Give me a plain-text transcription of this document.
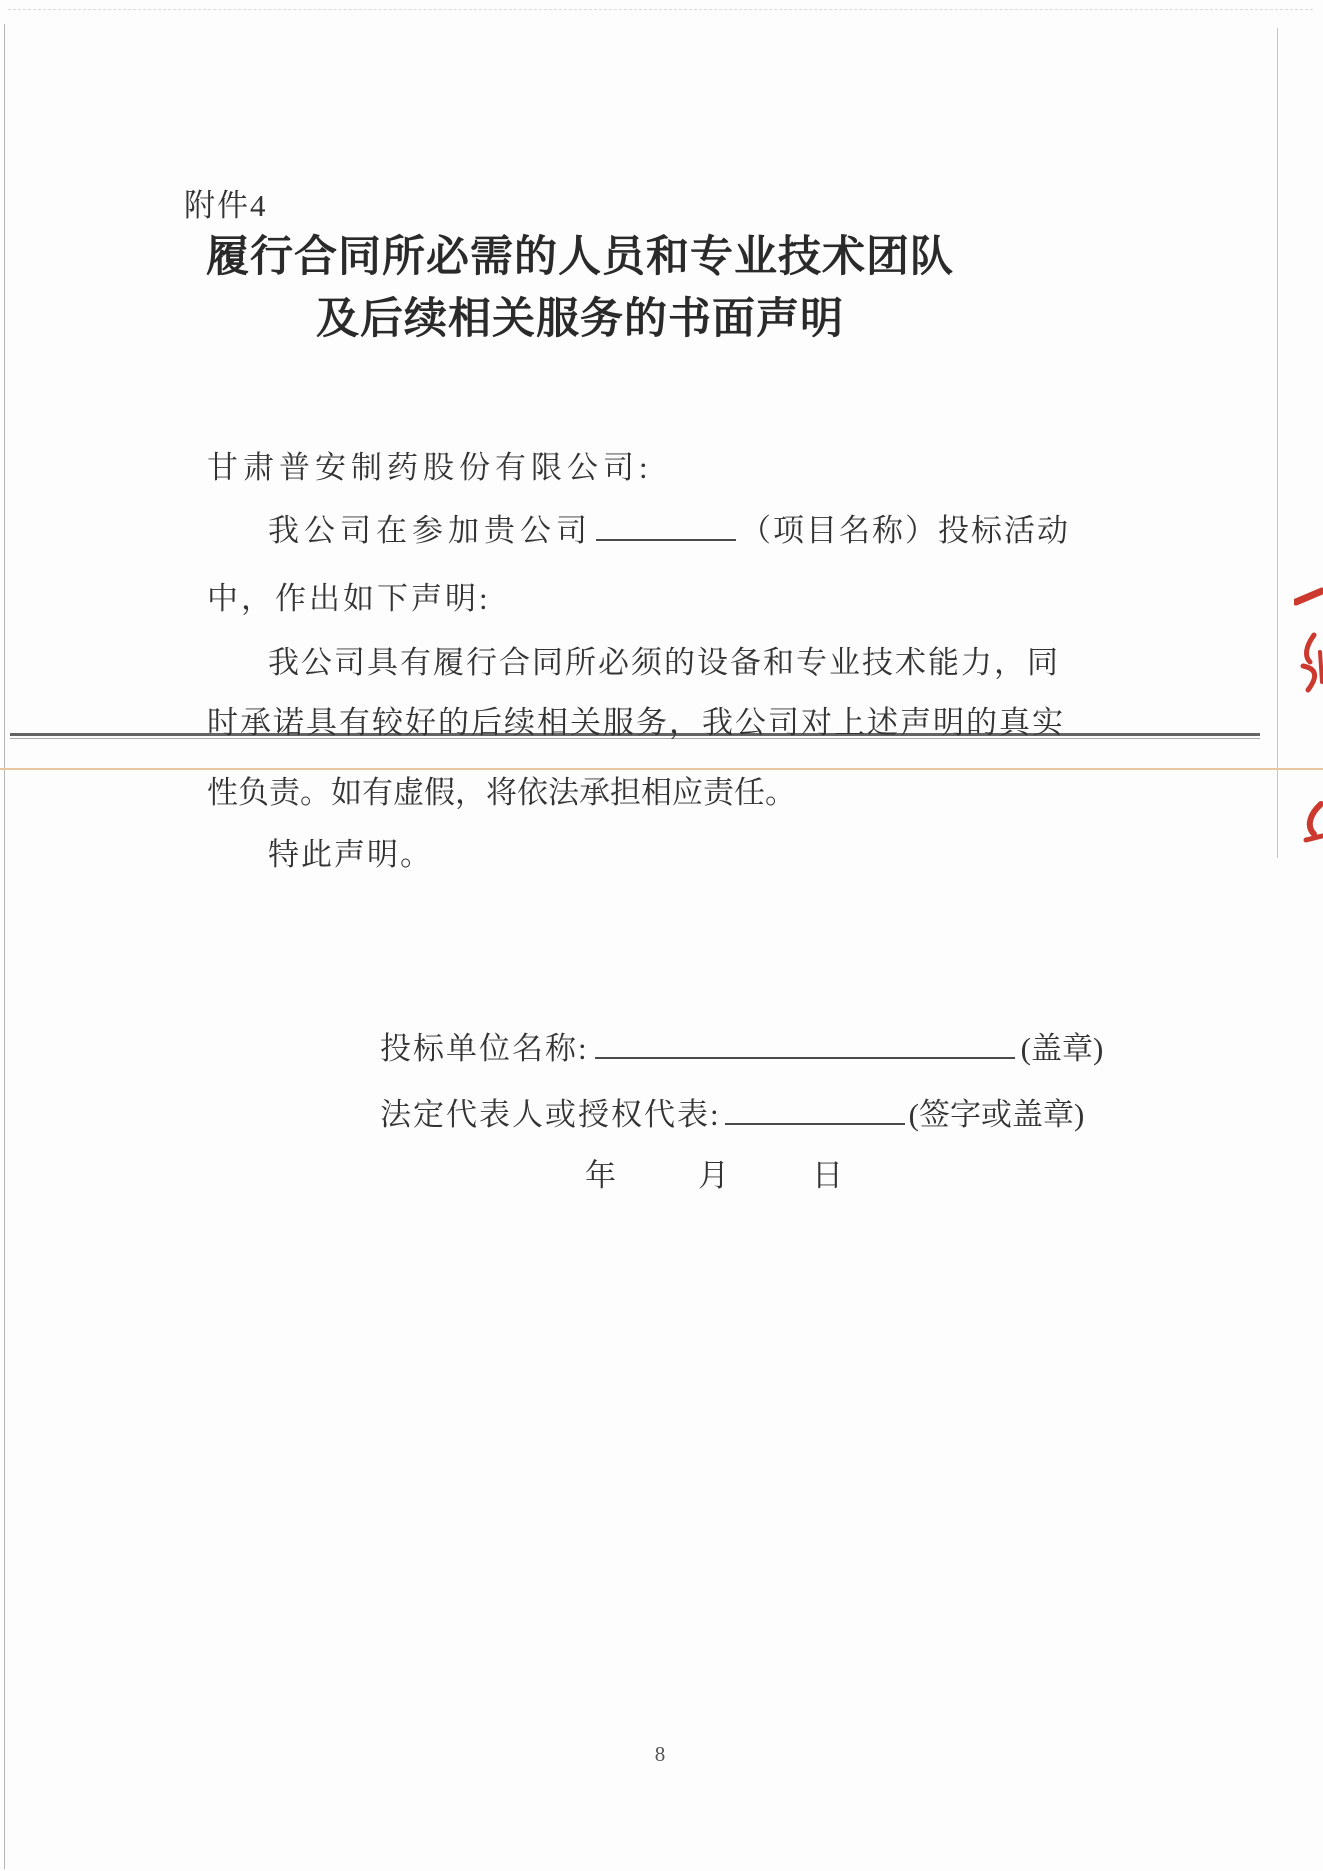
附件4
履行合同所必需的人员和专业技术团队
及后续相关服务的书面声明
甘肃普安制药股份有限公司:
我公司在参加贵公司	（项目名称）投标活动
中，作出如下声明:
我公司具有履行合同所必须的设备和专业技术能力，同
时承诺具有较好的后续相关服务，我公司对上述声明的真实
性负责。如有虚假，将依法承担相应责任。
特此声明。
投标单位名称:	(盖章)
法定代表人或授权代表:	(签字或盖章)
年	月	日
8
